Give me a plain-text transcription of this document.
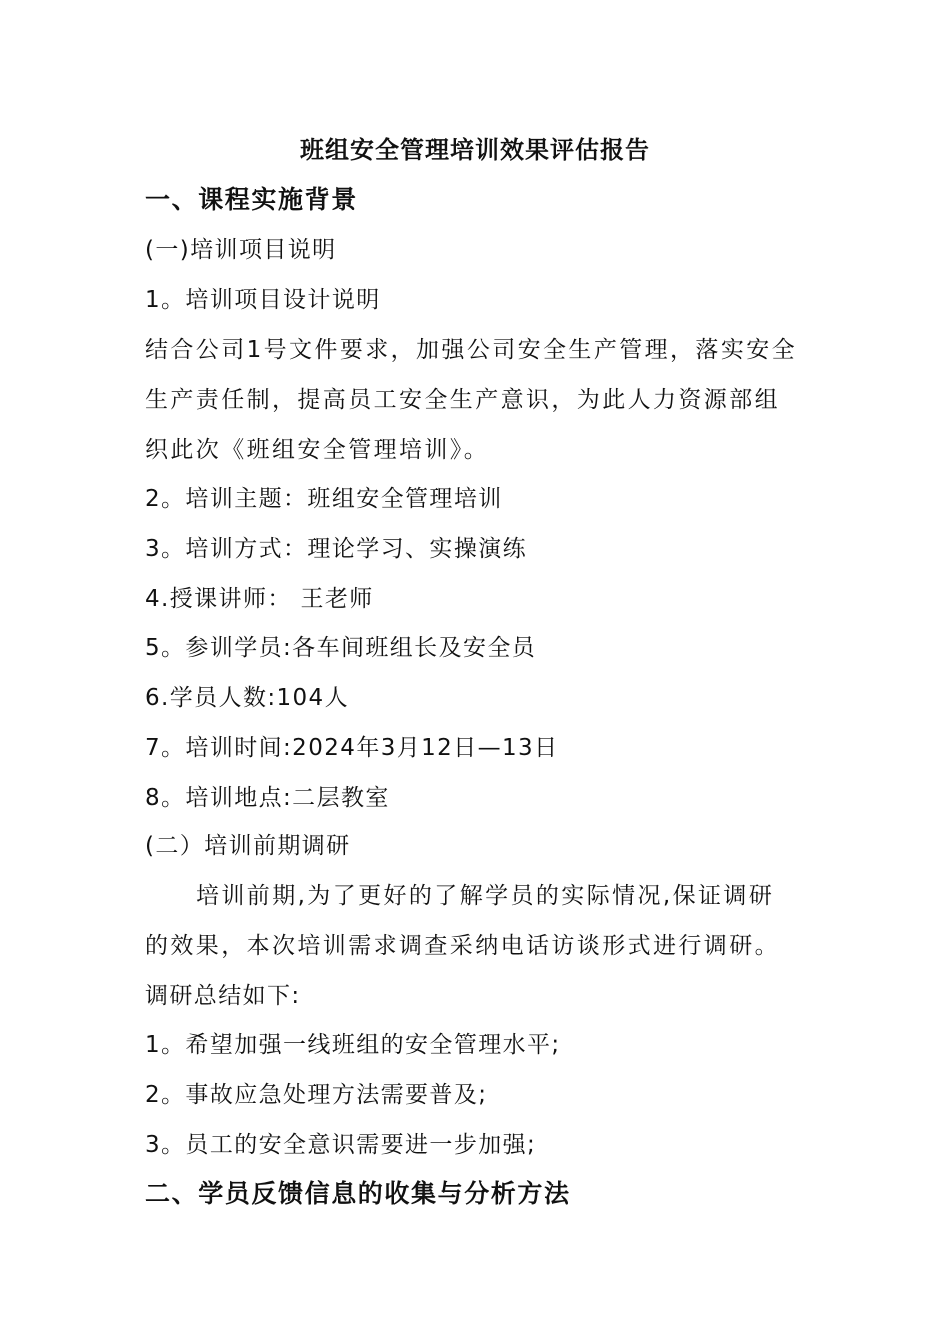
班组安全管理培训效果评估报告
一、课程实施背景
(一)培训项目说明
1。培训项目设计说明
结合公司1号文件要求，加强公司安全生产管理，落实安全
生产责任制，提高员工安全生产意识，为此人力资源部组
织此次《班组安全管理培训》。
2。培训主题：班组安全管理培训
3。培训方式：理论学习、实操演练
4.授课讲师： 王老师
5。参训学员:各车间班组长及安全员
6.学员人数:104人
7。培训时间:2024年3月12日—13日
8。培训地点:二层教室
(二）培训前期调研
培训前期,为了更好的了解学员的实际情况,保证调研
的效果，本次培训需求调查采纳电话访谈形式进行调研。
调研总结如下:
1。希望加强一线班组的安全管理水平;
2。事故应急处理方法需要普及;
3。员工的安全意识需要进一步加强;
二、学员反馈信息的收集与分析方法
